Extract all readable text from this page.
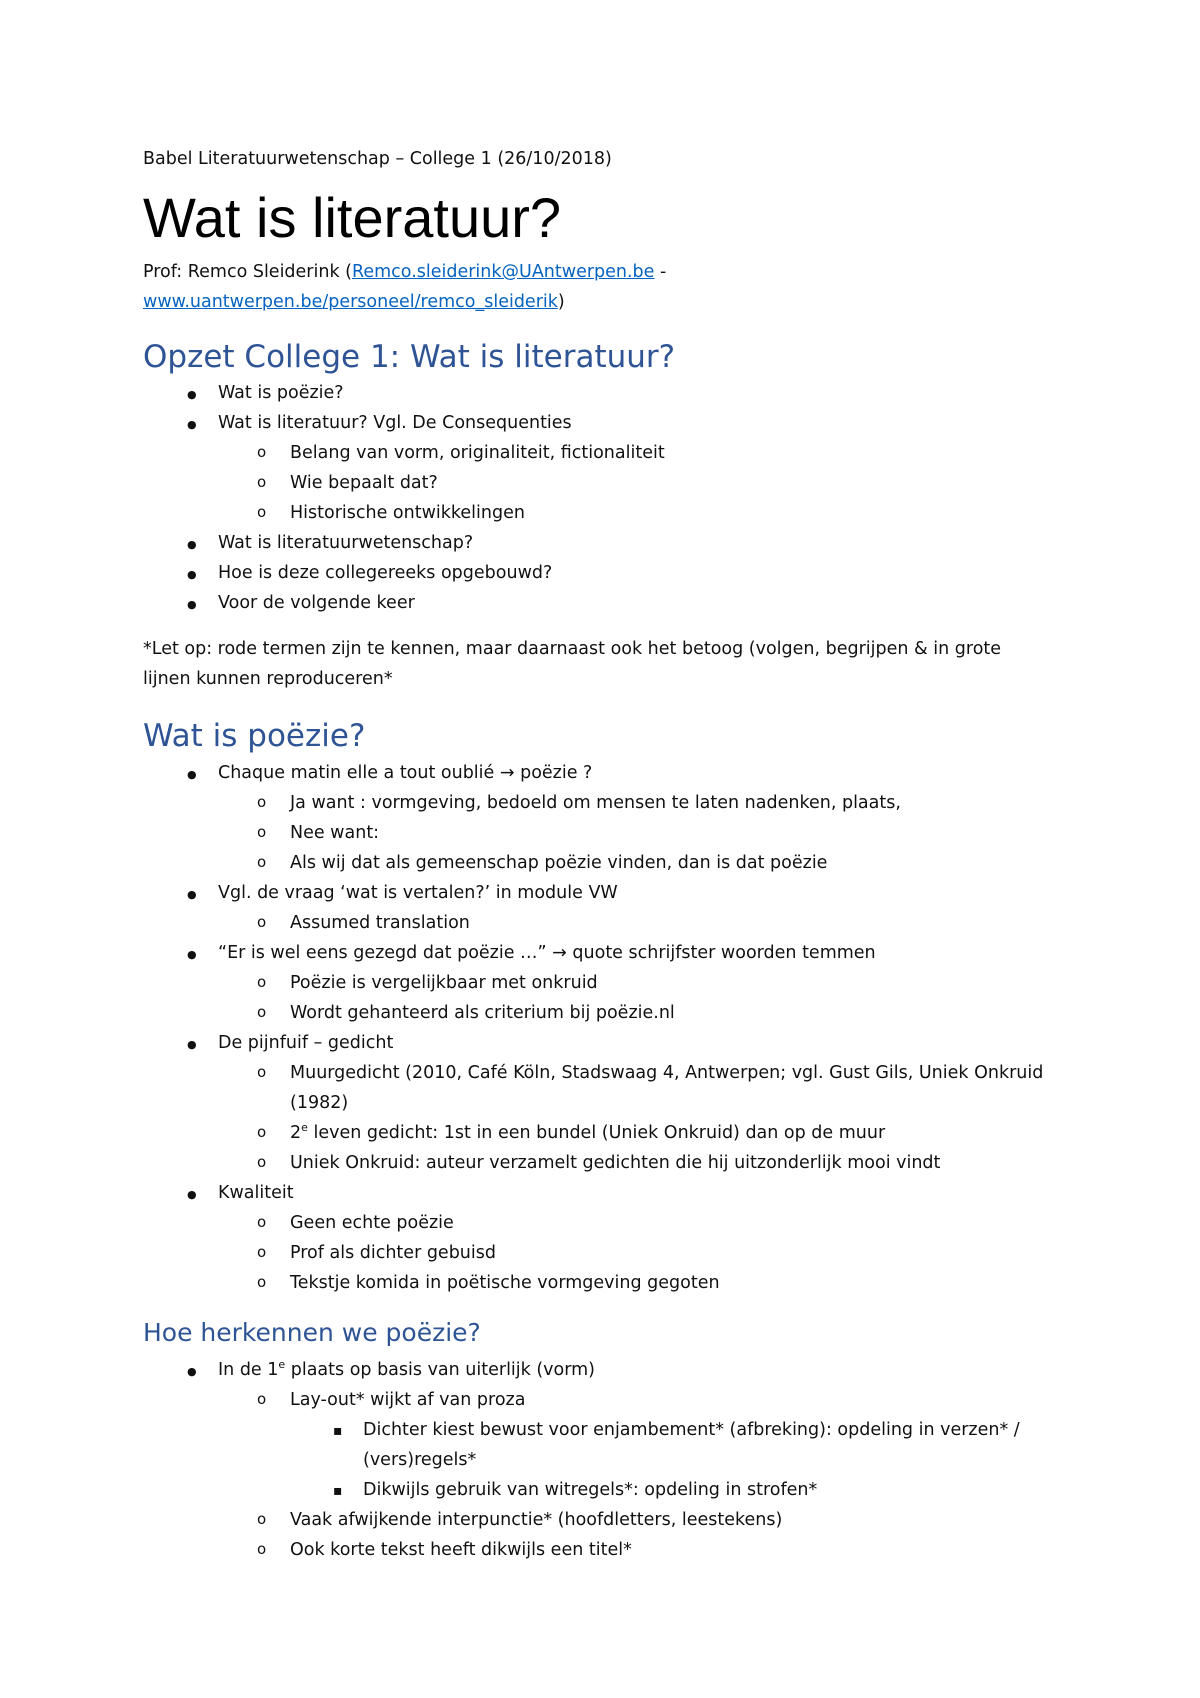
Babel Literatuurwetenschap – College 1 (26/10/2018)
Wat is literatuur?
Prof: Remco Sleiderink (Remco.sleiderink@UAntwerpen.be -
www.uantwerpen.be/personeel/remco_sleiderik)
Opzet College 1: Wat is literatuur?
●
Wat is poëzie?
●
Wat is literatuur? Vgl. De Consequenties
o
Belang van vorm, originaliteit, fictionaliteit
o
Wie bepaalt dat?
o
Historische ontwikkelingen
●
Wat is literatuurwetenschap?
●
Hoe is deze collegereeks opgebouwd?
●
Voor de volgende keer
*Let op: rode termen zijn te kennen, maar daarnaast ook het betoog (volgen, begrijpen & in grote
lijnen kunnen reproduceren*
Wat is poëzie?
●
Chaque matin elle a tout oublié → poëzie ?
o
Ja want : vormgeving, bedoeld om mensen te laten nadenken, plaats,
o
Nee want:
o
Als wij dat als gemeenschap poëzie vinden, dan is dat poëzie
●
Vgl. de vraag ‘wat is vertalen?’ in module VW
o
Assumed translation
●
“Er is wel eens gezegd dat poëzie …” → quote schrijfster woorden temmen
o
Poëzie is vergelijkbaar met onkruid
o
Wordt gehanteerd als criterium bij poëzie.nl
●
De pijnfuif – gedicht
o
Muurgedicht (2010, Café Köln, Stadswaag 4, Antwerpen; vgl. Gust Gils, Uniek Onkruid
(1982)
o
2e leven gedicht: 1st in een bundel (Uniek Onkruid) dan op de muur
o
Uniek Onkruid: auteur verzamelt gedichten die hij uitzonderlijk mooi vindt
●
Kwaliteit
o
Geen echte poëzie
o
Prof als dichter gebuisd
o
Tekstje komida in poëtische vormgeving gegoten
Hoe herkennen we poëzie?
●
In de 1e plaats op basis van uiterlijk (vorm)
o
Lay-out* wijkt af van proza
▪
Dichter kiest bewust voor enjambement* (afbreking): opdeling in verzen* /
(vers)regels*
▪
Dikwijls gebruik van witregels*: opdeling in strofen*
o
Vaak afwijkende interpunctie* (hoofdletters, leestekens)
o
Ook korte tekst heeft dikwijls een titel*
